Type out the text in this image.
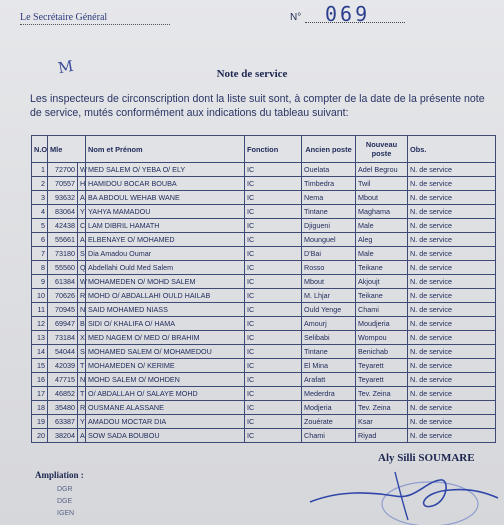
Le Secrétaire Général	N° 069
M	Note de service
Les inspecteurs de circonscription dont la liste suit sont, à compter de la date de la présente note de service, mutés conformément aux indications du tableau suivant:
N.O	Mle		Nom et Prénom	Fonction	Ancien poste	Nouveau poste	Obs.
1	72700	W	MED SALEM O/ YEBA O/ ELY	IC	Ouelata	Adel Begrou	N. de service
2	70557	H	HAMIDOU BOCAR BOUBA	IC	Timbedra	Twil	N. de service
3	93632	A	BA ABDOUL WEHAB WANE	IC	Nema	Mbout	N. de service
4	83064	Y	YAHYA MAMADOU	IC	Tintane	Maghama	N. de service
5	42438	C	LAM DIBRIL HAMATH	IC	Djigueni	Male	N. de service
6	55661	A	ELBENAYE O/ MOHAMED	IC	Mounguel	Aleg	N. de service
7	73180	S	Dia Amadou Oumar	IC	D'Bai	Male	N. de service
8	55560	Q	Abdellahi Ould Med Salem	IC	Rosso	Teikane	N. de service
9	61384	W	MOHAMEDEN O/ MOHD SALEM	IC	Mbout	Akjoujt	N. de service
10	70626	R	MOHD O/ ABDALLAHI OULD HAILAB	IC	M. Lhjar	Teikane	N. de service
11	70945	N	SAID MOHAMED NIASS	IC	Ould Yenge	Chami	N. de service
12	69947	B	SIDI O/ KHALIFA O/ HAMA	IC	Amourj	Moudjeria	N. de service
13	73184	X	MED NAGEM O/ MED O/ BRAHIM	IC	Selibabi	Wompou	N. de service
14	54044	S	MOHAMED SALEM O/ MOHAMEDOU	IC	Tintane	Benichab	N. de service
15	42039	T	MOHAMEDEN O/ KERIME	IC	El Mina	Teyarett	N. de service
16	47715	N	MOHD SALEM O/ MOHDEN	IC	Arafatt	Teyarett	N. de service
17	46852	T	O/ ABDALLAH O/ SALAYE MOHD	IC	Mederdra	Tev. Zeina	N. de service
18	35480	R	OUSMANE ALASSANE	IC	Modjeria	Tev. Zeina	N. de service
19	63387	Y	AMADOU MOCTAR DIA	IC	Zouérate	Ksar	N. de service
20	38204	A	SOW SADA BOUBOU	IC	Chami	Riyad	N. de service
Aly Silli SOUMARE
Ampliation :
DGR
DGE
IGEN
